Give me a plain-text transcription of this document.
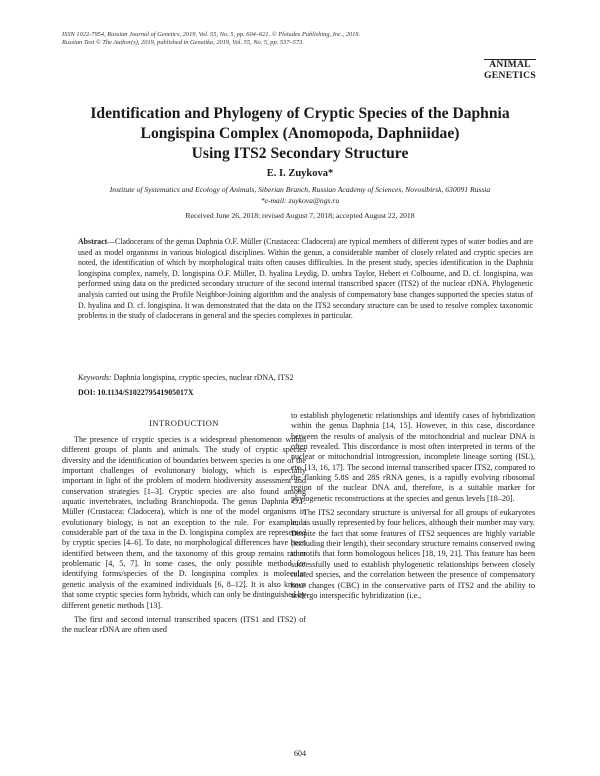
ISSN 1022-7954, Russian Journal of Genetics, 2019, Vol. 55, No. 5, pp. 604–621. © Pleiades Publishing, Inc., 2019.
Russian Text © The Author(s), 2019, published in Genetika, 2019, Vol. 55, No. 5, pp. 537–573.
ANIMAL
GENETICS
Identification and Phylogeny of Cryptic Species of the Daphnia
Longispina Complex (Anomopoda, Daphniidae)
Using ITS2 Secondary Structure
E. I. Zuykova*
Institute of Systematics and Ecology of Animals, Siberian Branch, Russian Academy of Sciences, Novosibirsk, 630091 Russia
*e-mail: zuykova@ngs.ru
Received June 26, 2018; revised August 7, 2018; accepted August 22, 2018
Abstract—Cladocerans of the genus Daphnia O.F. Müller (Crustacea: Cladocera) are typical members of different types of water bodies and are used as model organisms in various biological disciplines. Within the genus, a considerable number of closely related and cryptic species are noted, the identification of which by morphological traits often causes difficulties. In the present study, species identification in the Daphnia longispina complex, namely, D. longispina O.F. Müller, D. hyalina Leydig, D. umbra Taylor, Hebert et Colbourne, and D. cf. longispina, was performed using data on the predicted secondary structure of the second internal transcribed spacer (ITS2) of the nuclear rDNA. Phylogenetic analysis carried out using the Profile Neighbor-Joining algorithm and the analysis of compensatory base changes supported the species status of D. hyalina and D. cf. longispina. It was demonstrated that the data on the ITS2 secondary structure can be used to resolve complex taxonomic problems in the study of cladocerans in general and the species complexes in particular.
Keywords: Daphnia longispina, cryptic species, nuclear rDNA, ITS2
DOI: 10.1134/S102279541905017X
INTRODUCTION

The presence of cryptic species is a widespread phenomenon within different groups of plants and animals. The study of cryptic species diversity and the identification of boundaries between species is one of the important challenges of evolutionary biology, which is especially important in light of the problem of modern biodiversity assessment and conservation strategies [1–3]. Cryptic species are also found among aquatic invertebrates, including Branchiopoda. The genus Daphnia O.F. Müller (Crustacea: Cladocera), which is one of the model organisms in evolutionary biology, is not an exception to the rule. For example, a considerable part of the taxa in the D. longispina complex are represented by cryptic species [4–6]. To date, no morphological differences have been identified between them, and the taxonomy of this group remains rather problematic [4, 5, 7]. In some cases, the only possible method for identifying forms/species of the D. longispina complex is molecular genetic analysis of the examined individuals [6, 8–12]. It is also known that some cryptic species form hybrids, which can only be distinguished by different genetic methods [13].

The first and second internal transcribed spacers (ITS1 and ITS2) of the nuclear rDNA are often used

to establish phylogenetic relationships and identify cases of hybridization within the genus Daphnia [14, 15]. However, in this case, discordance between the results of analysis of the mitochondrial and nuclear DNA is often revealed. This discordance is most often interpreted in terms of the nuclear or mitochondrial introgression, incomplete lineage sorting (ISL), etc. [13, 16, 17]. The second internal transcribed spacer ITS2, compared to the flanking 5.8S and 28S rRNA genes, is a rapidly evolving ribosomal region of the nuclear DNA and, therefore, is a suitable marker for phylogenetic reconstructions at the species and genus levels [18–20].

The ITS2 secondary structure is universal for all groups of eukaryotes and is usually represented by four helices, although their number may vary. Despite the fact that some features of ITS2 sequences are highly variable (including their length), their secondary structure remains conserved owing to motifs that form homologous helices [18, 19, 21]. This feature has been successfully used to establish phylogenetic relationships between closely related species, and the correlation between the presence of compensatory base changes (CBC) in the conservative parts of ITS2 and the ability to undergo interspecific hybridization (i.e.,

604
